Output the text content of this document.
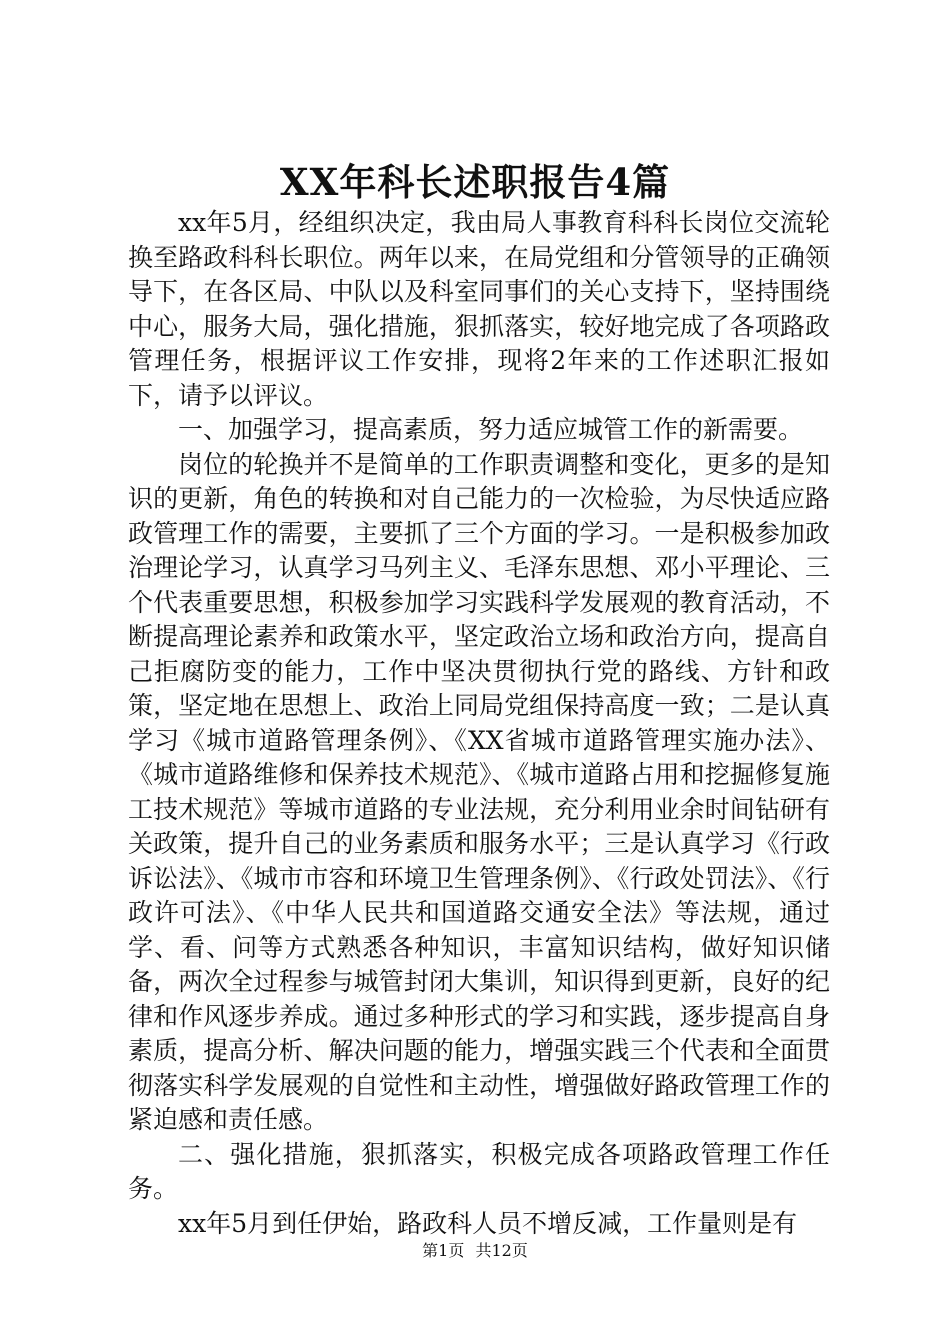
XX年科长述职报告4篇

xx年5月，经组织决定，我由局人事教育科科长岗位交流轮换至路政科科长职位。两年以来，在局党组和分管领导的正确领导下，在各区局、中队以及科室同事们的关心支持下，坚持围绕中心，服务大局，强化措施，狠抓落实，较好地完成了各项路政管理任务，根据评议工作安排，现将2年来的工作述职汇报如下，请予以评议。

一、加强学习，提高素质，努力适应城管工作的新需要。

岗位的轮换并不是简单的工作职责调整和变化，更多的是知识的更新，角色的转换和对自己能力的一次检验，为尽快适应路政管理工作的需要，主要抓了三个方面的学习。一是积极参加政治理论学习，认真学习马列主义、毛泽东思想、邓小平理论、三个代表重要思想，积极参加学习实践科学发展观的教育活动，不断提高理论素养和政策水平，坚定政治立场和政治方向，提高自己拒腐防变的能力，工作中坚决贯彻执行党的路线、方针和政策，坚定地在思想上、政治上同局党组保持高度一致；二是认真学习《城市道路管理条例》、《XX省城市道路管理实施办法》、《城市道路维修和保养技术规范》、《城市道路占用和挖掘修复施工技术规范》等城市道路的专业法规，充分利用业余时间钻研有关政策，提升自己的业务素质和服务水平；三是认真学习《行政诉讼法》、《城市市容和环境卫生管理条例》、《行政处罚法》、《行政许可法》、《中华人民共和国道路交通安全法》等法规，通过学、看、问等方式熟悉各种知识，丰富知识结构，做好知识储备，两次全过程参与城管封闭大集训，知识得到更新，良好的纪律和作风逐步养成。通过多种形式的学习和实践，逐步提高自身素质，提高分析、解决问题的能力，增强实践三个代表和全面贯彻落实科学发展观的自觉性和主动性，增强做好路政管理工作的紧迫感和责任感。

二、强化措施，狠抓落实，积极完成各项路政管理工作任务。

xx年5月到任伊始，路政科人员不增反减，工作量则是有

第1页 共12页
